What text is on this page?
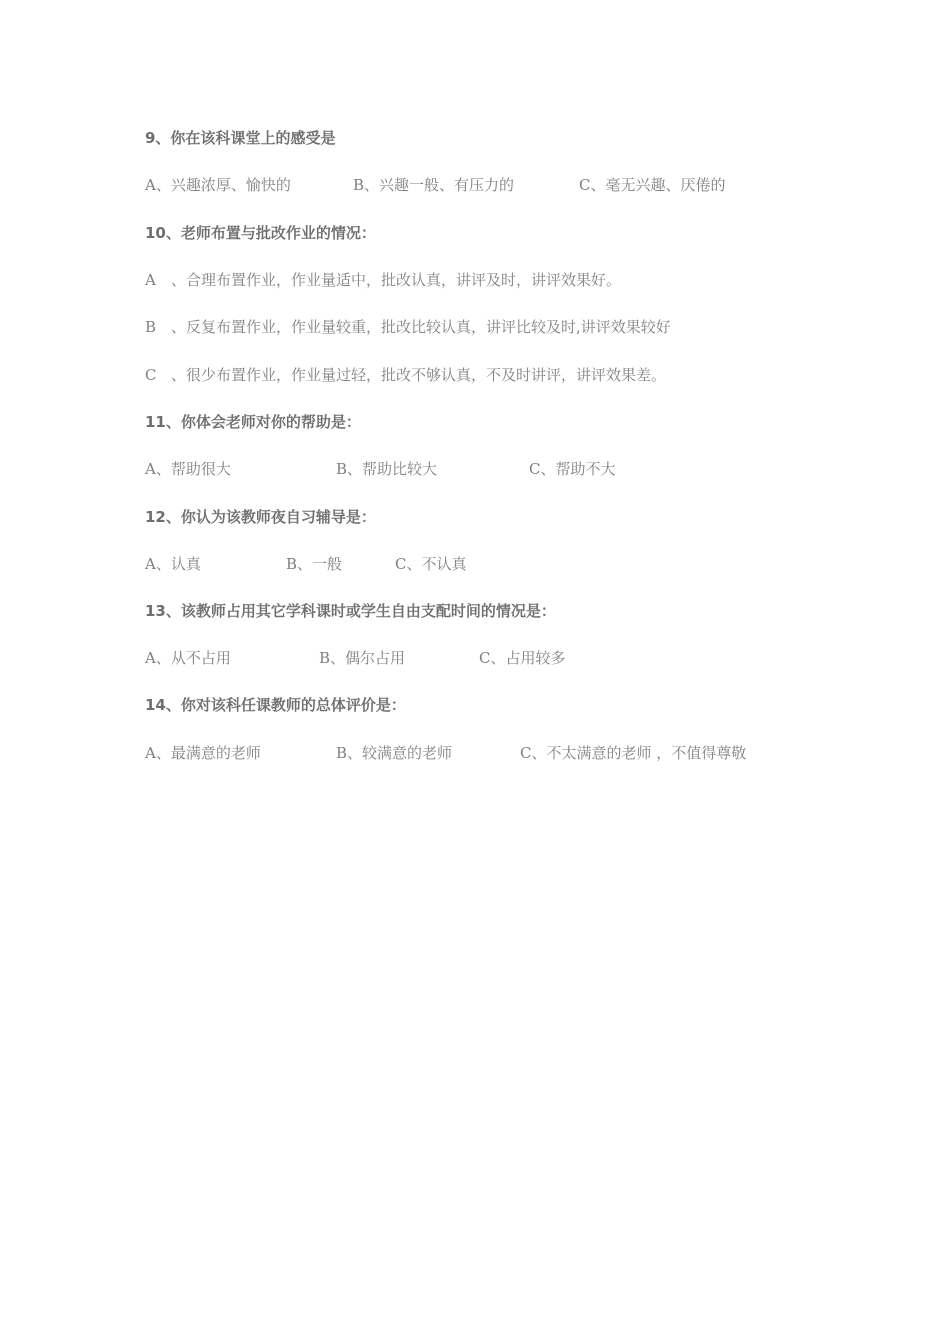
9、你在该科课堂上的感受是
A、兴趣浓厚、愉快的	B、兴趣一般、有压力的	C、毫无兴趣、厌倦的
10、老师布置与批改作业的情况：
A 、合理布置作业，作业量适中，批改认真，讲评及时，讲评效果好。
B 、反复布置作业，作业量较重，批改比较认真，讲评比较及时,讲评效果较好
C 、很少布置作业，作业量过轻，批改不够认真，不及时讲评，讲评效果差。
11、你体会老师对你的帮助是：
A、帮助很大	B、帮助比较大	C、帮助不大
12、你认为该教师夜自习辅导是：
A、认真	B、一般	C、不认真
13、该教师占用其它学科课时或学生自由支配时间的情况是：
A、从不占用	B、偶尔占用	C、占用较多
14、你对该科任课教师的总体评价是：
A、最满意的老师	B、较满意的老师	C、不太满意的老师 ，不值得尊敬
